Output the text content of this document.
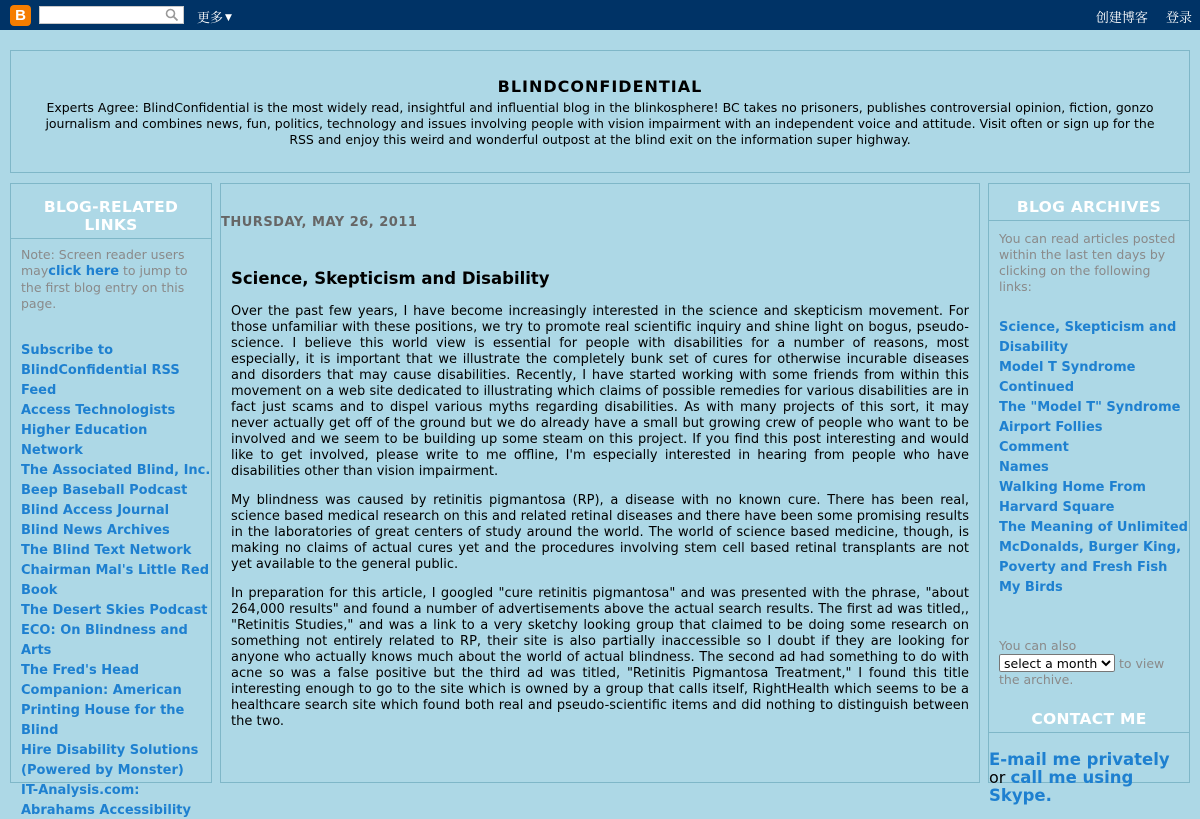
B	更多 ▼	创建博客 登录
BLINDCONFIDENTIAL
Experts Agree: BlindConfidential is the most widely read, insightful and influential blog in the blinkosphere! BC takes no prisoners, publishes controversial opinion, fiction, gonzo journalism and combines news, fun, politics, technology and issues involving people with vision impairment with an independent voice and attitude. Visit often or sign up for the RSS and enjoy this weird and wonderful outpost at the blind exit on the information super highway.
BLOG-RELATED LINKS
Note: Screen reader users mayclick here to jump to the first blog entry on this page.
Subscribe to BlindConfidential RSS Feed
Access Technologists Higher Education Network
The Associated Blind, Inc.
Beep Baseball Podcast
Blind Access Journal
Blind News Archives
The Blind Text Network
Chairman Mal's Little Red Book
The Desert Skies Podcast
ECO: On Blindness and Arts
The Fred's Head Companion: American Printing House for the Blind
Hire Disability Solutions (Powered by Monster)
IT-Analysis.com: Abrahams Accessibility
THURSDAY, MAY 26, 2011
Science, Skepticism and Disability

Over the past few years, I have become increasingly interested in the science and skepticism movement. For those unfamiliar with these positions, we try to promote real scientific inquiry and shine light on bogus, pseudo-science. I believe this world view is essential for people with disabilities for a number of reasons, most especially, it is important that we illustrate the completely bunk set of cures for otherwise incurable diseases and disorders that may cause disabilities. Recently, I have started working with some friends from within this movement on a web site dedicated to illustrating which claims of possible remedies for various disabilities are in fact just scams and to dispel various myths regarding disabilities. As with many projects of this sort, it may never actually get off of the ground but we do already have a small but growing crew of people who want to be involved and we seem to be building up some steam on this project. If you find this post interesting and would like to get involved, please write to me offline, I'm especially interested in hearing from people who have disabilities other than vision impairment.

My blindness was caused by retinitis pigmantosa (RP), a disease with no known cure. There has been real, science based medical research on this and related retinal diseases and there have been some promising results in the laboratories of great centers of study around the world. The world of science based medicine, though, is making no claims of actual cures yet and the procedures involving stem cell based retinal transplants are not yet available to the general public.

In preparation for this article, I googled "cure retinitis pigmantosa" and was presented with the phrase, "about 264,000 results" and found a number of advertisements above the actual search results. The first ad was titled,, "Retinitis Studies," and was a link to a very sketchy looking group that claimed to be doing some research on something not entirely related to RP, their site is also partially inaccessible so I doubt if they are looking for anyone who actually knows much about the world of actual blindness. The second ad had something to do with acne so was a false positive but the third ad was titled, "Retinitis Pigmantosa Treatment," I found this title interesting enough to go to the site which is owned by a group that calls itself, RightHealth which seems to be a healthcare search site which found both real and pseudo-scientific items and did nothing to distinguish between the two.

BLOG ARCHIVES
You can read articles posted within the last ten days by clicking on the following links:
Science, Skepticism and Disability
Model T Syndrome Continued
The "Model T" Syndrome
Airport Follies
Comment
Names
Walking Home From Harvard Square
The Meaning of Unlimited
McDonalds, Burger King, Poverty and Fresh Fish
My Birds
You can also
select a month to view the archive.
CONTACT ME
E-mail me privately or call me using Skype.
